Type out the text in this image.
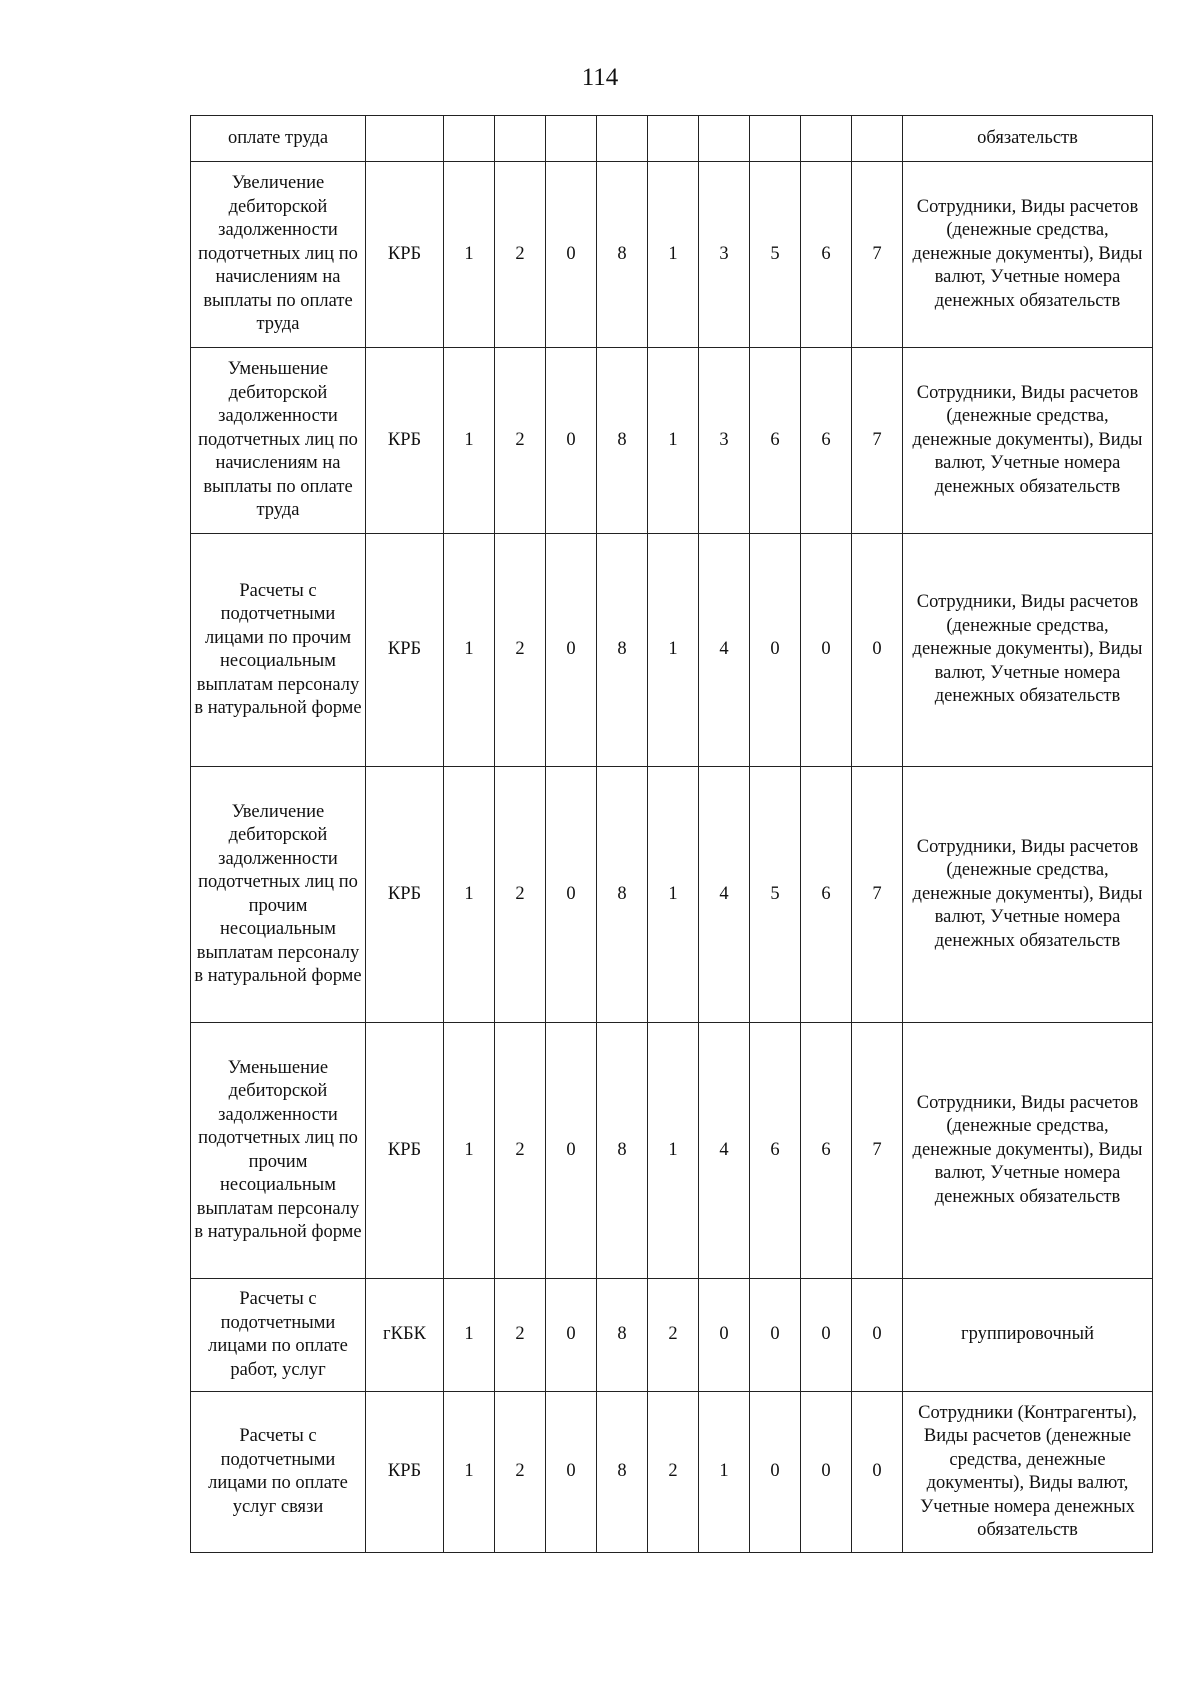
114
оплате труда											обязательств
Увеличение дебиторской задолженности подотчетных лиц по начислениям на выплаты по оплате труда	КРБ	1	2	0	8	1	3	5	6	7	Сотрудники, Виды расчетов (денежные средства, денежные документы), Виды валют, Учетные номера денежных обязательств
Уменьшение дебиторской задолженности подотчетных лиц по начислениям на выплаты по оплате труда	КРБ	1	2	0	8	1	3	6	6	7	Сотрудники, Виды расчетов (денежные средства, денежные документы), Виды валют, Учетные номера денежных обязательств
Расчеты с подотчетными лицами по прочим несоциальным выплатам персоналу в натуральной форме	КРБ	1	2	0	8	1	4	0	0	0	Сотрудники, Виды расчетов (денежные средства, денежные документы), Виды валют, Учетные номера денежных обязательств
Увеличение дебиторской задолженности подотчетных лиц по прочим несоциальным выплатам персоналу в натуральной форме	КРБ	1	2	0	8	1	4	5	6	7	Сотрудники, Виды расчетов (денежные средства, денежные документы), Виды валют, Учетные номера денежных обязательств
Уменьшение дебиторской задолженности подотчетных лиц по прочим несоциальным выплатам персоналу в натуральной форме	КРБ	1	2	0	8	1	4	6	6	7	Сотрудники, Виды расчетов (денежные средства, денежные документы), Виды валют, Учетные номера денежных обязательств
Расчеты с подотчетными лицами по оплате работ, услуг	гКБК	1	2	0	8	2	0	0	0	0	группировочный
Расчеты с подотчетными лицами по оплате услуг связи	КРБ	1	2	0	8	2	1	0	0	0	Сотрудники (Контрагенты), Виды расчетов (денежные средства, денежные документы), Виды валют, Учетные номера денежных обязательств
